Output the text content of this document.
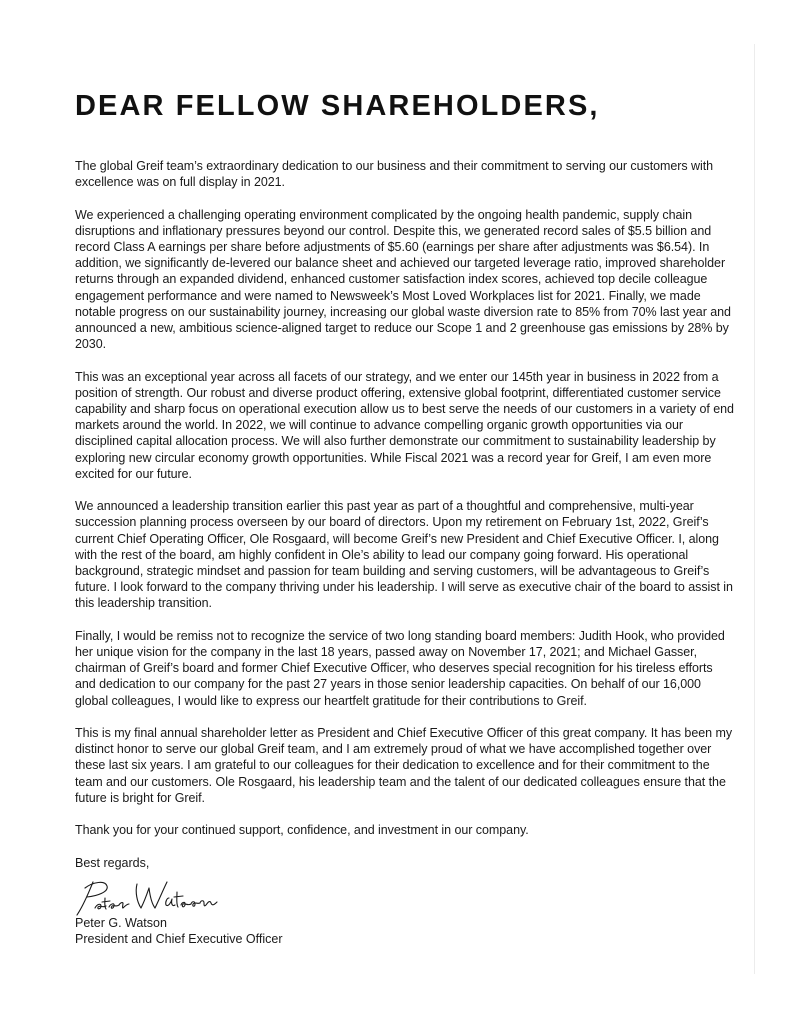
DEAR FELLOW SHAREHOLDERS,

The global Greif team’s extraordinary dedication to our business and their commitment to serving our customers with excellence was on full display in 2021.

We experienced a challenging operating environment complicated by the ongoing health pandemic, supply chain disruptions and inflationary pressures beyond our control. Despite this, we generated record sales of $5.5 billion and record Class A earnings per share before adjustments of $5.60 (earnings per share after adjustments was $6.54). In addition, we significantly de-levered our balance sheet and achieved our targeted leverage ratio, improved shareholder returns through an expanded dividend, enhanced customer satisfaction index scores, achieved top decile colleague engagement performance and were named to Newsweek’s Most Loved Workplaces list for 2021. Finally, we made notable progress on our sustainability journey, increasing our global waste diversion rate to 85% from 70% last year and announced a new, ambitious science-aligned target to reduce our Scope 1 and 2 greenhouse gas emissions by 28% by 2030.

This was an exceptional year across all facets of our strategy, and we enter our 145th year in business in 2022 from a position of strength. Our robust and diverse product offering, extensive global footprint, differentiated customer service capability and sharp focus on operational execution allow us to best serve the needs of our customers in a variety of end markets around the world. In 2022, we will continue to advance compelling organic growth opportunities via our disciplined capital allocation process. We will also further demonstrate our commitment to sustainability leadership by exploring new circular economy growth opportunities. While Fiscal 2021 was a record year for Greif, I am even more excited for our future.

We announced a leadership transition earlier this past year as part of a thoughtful and comprehensive, multi-year succession planning process overseen by our board of directors. Upon my retirement on February 1st, 2022, Greif’s current Chief Operating Officer, Ole Rosgaard, will become Greif’s new President and Chief Executive Officer. I, along with the rest of the board, am highly confident in Ole’s ability to lead our company going forward. His operational background, strategic mindset and passion for team building and serving customers, will be advantageous to Greif’s future. I look forward to the company thriving under his leadership. I will serve as executive chair of the board to assist in this leadership transition.

Finally, I would be remiss not to recognize the service of two long standing board members: Judith Hook, who provided her unique vision for the company in the last 18 years, passed away on November 17, 2021; and Michael Gasser, chairman of Greif’s board and former Chief Executive Officer, who deserves special recognition for his tireless efforts and dedication to our company for the past 27 years in those senior leadership capacities. On behalf of our 16,000 global colleagues, I would like to express our heartfelt gratitude for their contributions to Greif.

This is my final annual shareholder letter as President and Chief Executive Officer of this great company. It has been my distinct honor to serve our global Greif team, and I am extremely proud of what we have accomplished together over these last six years. I am grateful to our colleagues for their dedication to excellence and for their commitment to the team and our customers. Ole Rosgaard, his leadership team and the talent of our dedicated colleagues ensure that the future is bright for Greif.

Thank you for your continued support, confidence, and investment in our company.

Best regards,

Peter G. Watson
President and Chief Executive Officer
